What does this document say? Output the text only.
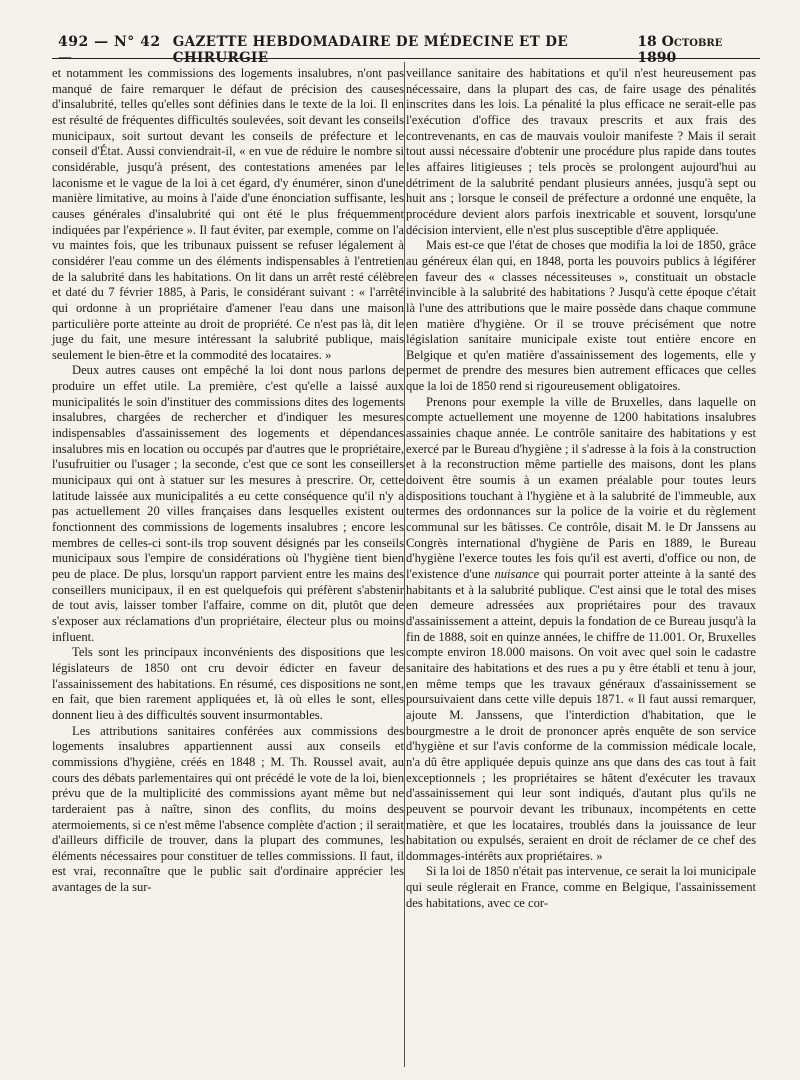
492 — N° 42 —
GAZETTE HEBDOMADAIRE DE MÉDECINE ET DE CHIRURGIE
18 Octobre 1890

et notamment les commissions des logements insalubres, n'ont pas manqué de faire remarquer le défaut de précision des causes d'insalubrité, telles qu'elles sont définies dans le texte de la loi. Il en est résulté de fréquentes difficultés soulevées, soit devant les conseils municipaux, soit surtout devant les conseils de préfecture et le conseil d'État. Aussi conviendrait-il, « en vue de réduire le nombre si considérable, jusqu'à présent, des contestations amenées par le laconisme et le vague de la loi à cet égard, d'y énumérer, sinon d'une manière limitative, au moins à l'aide d'une énonciation suffisante, les causes générales d'insalubrité qui ont été le plus fréquemment indiquées par l'expérience ». Il faut éviter, par exemple, comme on l'a vu maintes fois, que les tribunaux puissent se refuser légalement à considérer l'eau comme un des éléments indispensables à l'entretien de la salubrité dans les habitations. On lit dans un arrêt resté célèbre et daté du 7 février 1885, à Paris, le considérant suivant : « l'arrêté qui ordonne à un propriétaire d'amener l'eau dans une maison particulière porte atteinte au droit de propriété. Ce n'est pas là, dit le juge du fait, une mesure intéressant la salubrité publique, mais seulement le bien-être et la commodité des locataires. »

Deux autres causes ont empêché la loi dont nous parlons de produire un effet utile. La première, c'est qu'elle a laissé aux municipalités le soin d'instituer des commissions dites des logements insalubres, chargées de rechercher et d'indiquer les mesures indispensables d'assainissement des logements et dépendances insalubres mis en location ou occupés par d'autres que le propriétaire, l'usufruitier ou l'usager ; la seconde, c'est que ce sont les conseillers municipaux qui ont à statuer sur les mesures à prescrire. Or, cette latitude laissée aux municipalités a eu cette conséquence qu'il n'y a pas actuellement 20 villes françaises dans lesquelles existent ou fonctionnent des commissions de logements insalubres ; encore les membres de celles-ci sont-ils trop souvent désignés par les conseils municipaux sous l'empire de considérations où l'hygiène tient bien peu de place. De plus, lorsqu'un rapport parvient entre les mains des conseillers municipaux, il en est quelquefois qui préfèrent s'abstenir de tout avis, laisser tomber l'affaire, comme on dit, plutôt que de s'exposer aux réclamations d'un propriétaire, électeur plus ou moins influent.

Tels sont les principaux inconvénients des dispositions que les législateurs de 1850 ont cru devoir édicter en faveur de l'assainissement des habitations. En résumé, ces dispositions ne sont, en fait, que bien rarement appliquées et, là où elles le sont, elles donnent lieu à des difficultés souvent insurmontables.

Les attributions sanitaires conférées aux commissions des logements insalubres appartiennent aussi aux conseils et commissions d'hygiène, créés en 1848 ; M. Th. Roussel avait, au cours des débats parlementaires qui ont précédé le vote de la loi, bien prévu que de la multiplicité des commissions ayant même but ne tarderaient pas à naître, sinon des conflits, du moins des atermoiements, si ce n'est même l'absence complète d'action ; il serait d'ailleurs difficile de trouver, dans la plupart des communes, les éléments nécessaires pour constituer de telles commissions. Il faut, il est vrai, reconnaître que le public sait d'ordinaire apprécier les avantages de la sur-

veillance sanitaire des habitations et qu'il n'est heureusement pas nécessaire, dans la plupart des cas, de faire usage des pénalités inscrites dans les lois. La pénalité la plus efficace ne serait-elle pas l'exécution d'office des travaux prescrits et aux frais des contrevenants, en cas de mauvais vouloir manifeste ? Mais il serait tout aussi nécessaire d'obtenir une procédure plus rapide dans toutes les affaires litigieuses ; tels procès se prolongent aujourd'hui au détriment de la salubrité pendant plusieurs années, jusqu'à sept ou huit ans ; lorsque le conseil de préfecture a ordonné une enquête, la procédure devient alors parfois inextricable et souvent, lorsqu'une décision intervient, elle n'est plus susceptible d'être appliquée.

Mais est-ce que l'état de choses que modifia la loi de 1850, grâce au généreux élan qui, en 1848, porta les pouvoirs publics à légiférer en faveur des « classes nécessiteuses », constituait un obstacle invincible à la salubrité des habitations ? Jusqu'à cette époque c'était là l'une des attributions que le maire possède dans chaque commune en matière d'hygiène. Or il se trouve précisément que notre législation sanitaire municipale existe tout entière encore en Belgique et qu'en matière d'assainissement des logements, elle y permet de prendre des mesures bien autrement efficaces que celles que la loi de 1850 rend si rigoureusement obligatoires.

Prenons pour exemple la ville de Bruxelles, dans laquelle on compte actuellement une moyenne de 1200 habitations insalubres assainies chaque année. Le contrôle sanitaire des habitations y est exercé par le Bureau d'hygiène ; il s'adresse à la fois à la construction et à la reconstruction même partielle des maisons, dont les plans doivent être soumis à un examen préalable pour toutes leurs dispositions touchant à l'hygiène et à la salubrité de l'immeuble, aux termes des ordonnances sur la police de la voirie et du règlement communal sur les bâtisses. Ce contrôle, disait M. le Dr Janssens au Congrès international d'hygiène de Paris en 1889, le Bureau d'hygiène l'exerce toutes les fois qu'il est averti, d'office ou non, de l'existence d'une nuisance qui pourrait porter atteinte à la santé des habitants et à la salubrité publique. C'est ainsi que le total des mises en demeure adressées aux propriétaires pour des travaux d'assainissement a atteint, depuis la fondation de ce Bureau jusqu'à la fin de 1888, soit en quinze années, le chiffre de 11.001. Or, Bruxelles compte environ 18.000 maisons. On voit avec quel soin le cadastre sanitaire des habitations et des rues a pu y être établi et tenu à jour, en même temps que les travaux généraux d'assainissement se poursuivaient dans cette ville depuis 1871. « Il faut aussi remarquer, ajoute M. Janssens, que l'interdiction d'habitation, que le bourgmestre a le droit de prononcer après enquête de son service d'hygiène et sur l'avis conforme de la commission médicale locale, n'a dû être appliquée depuis quinze ans que dans des cas tout à fait exceptionnels ; les propriétaires se hâtent d'exécuter les travaux d'assainissement qui leur sont indiqués, d'autant plus qu'ils ne peuvent se pourvoir devant les tribunaux, incompétents en cette matière, et que les locataires, troublés dans la jouissance de leur habitation ou expulsés, seraient en droit de réclamer de ce chef des dommages-intérêts aux propriétaires. »

Si la loi de 1850 n'était pas intervenue, ce serait la loi municipale qui seule réglerait en France, comme en Belgique, l'assainissement des habitations, avec ce cor-
